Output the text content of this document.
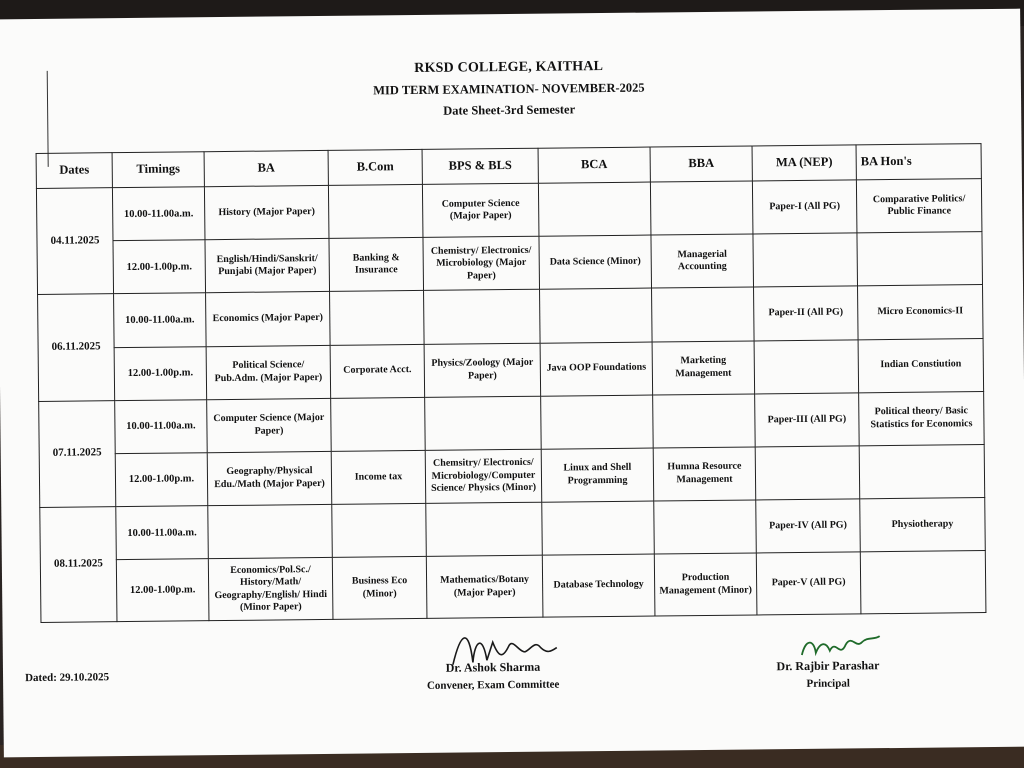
RKSD COLLEGE, KAITHAL
MID TERM EXAMINATION- NOVEMBER-2025
Date Sheet-3rd Semester
Dates	Timings	BA	B.Com	BPS & BLS	BCA	BBA	MA (NEP)	BA Hon's
04.11.2025	10.00-11.00a.m.	History (Major Paper)		Computer Science (Major Paper)			Paper-I (All PG)	Comparative Politics/ Public Finance
	12.00-1.00p.m.	English/Hindi/Sanskrit/ Punjabi (Major Paper)	Banking & Insurance	Chemistry/ Electronics/ Microbiology (Major Paper)	Data Science (Minor)	Managerial Accounting		
06.11.2025	10.00-11.00a.m.	Economics (Major Paper)					Paper-II (All PG)	Micro Economics-II
	12.00-1.00p.m.	Political Science/ Pub.Adm. (Major Paper)	Corporate Acct.	Physics/Zoology (Major Paper)	Java OOP Foundations	Marketing Management		Indian Constiution
07.11.2025	10.00-11.00a.m.	Computer Science (Major Paper)					Paper-III (All PG)	Political theory/ Basic Statistics for Economics
	12.00-1.00p.m.	Geography/Physical Edu./Math (Major Paper)	Income tax	Chemsitry/ Electronics/ Microbiology/Computer Science/ Physics (Minor)	Linux and Shell Programming	Humna Resource Management		
08.11.2025	10.00-11.00a.m.						Paper-IV (All PG)	Physiotherapy
	12.00-1.00p.m.	Economics/Pol.Sc./ History/Math/ Geography/English/ Hindi (Minor Paper)	Business Eco (Minor)	Mathematics/Botany (Major Paper)	Database Technology	Production Management (Minor)	Paper-V (All PG)	
Dated: 29.10.2025
Dr. Ashok Sharma
Convener, Exam Committee
Dr. Rajbir Parashar
Principal
